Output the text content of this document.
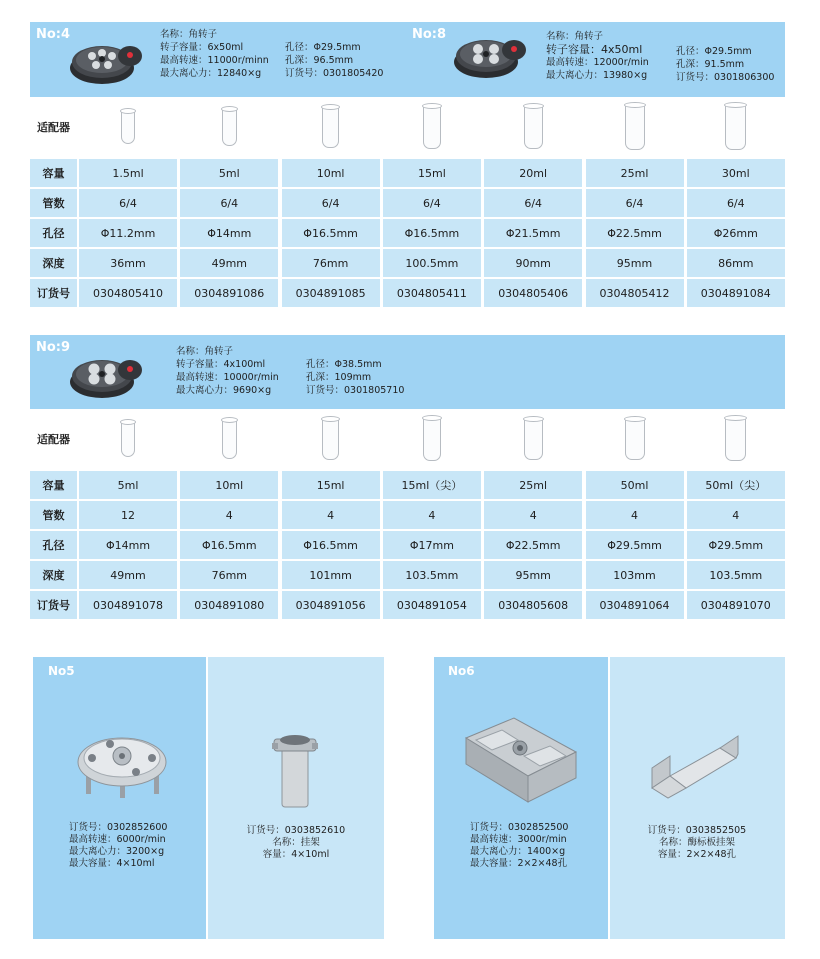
No:4	名称：角转子
转子容量：6x50ml	孔径：Φ29.5mm
最高转速：11000r/minn 孔深：96.5mm
最大离心力：12840×g	订货号：0301805420
No:8	名称：角转子
转子容量：4x50ml
最高转速：12000r/min
最大离心力：13980×g
孔径：Φ29.5mm
孔深：91.5mm
订货号：0301806300
适配器
容量	1.5ml	5ml	10ml	15ml	20ml	25ml	30ml
管数	6/4	6/4	6/4	6/4	6/4	6/4	6/4
孔径	Φ11.2mm	Φ14mm	Φ16.5mm	Φ16.5mm	Φ21.5mm	Φ22.5mm	Φ26mm
深度	36mm	49mm	76mm	100.5mm	90mm	95mm	86mm
订货号	0304805410	0304891086	0304891085	0304805411	0304805406	0304805412	0304891084
No:9	名称：角转子
转子容量：4x100ml
最高转速：10000r/min
最大离心力：9690×g

孔径：Φ38.5mm
孔深：109mm
订货号：0301805710
适配器
容量	5ml	10ml	15ml	15ml（尖）	25ml	50ml	50ml（尖）
管数	12	4	4	4	4	4	4
孔径	Φ14mm	Φ16.5mm	Φ16.5mm	Φ17mm	Φ22.5mm	Φ29.5mm	Φ29.5mm
深度	49mm	76mm	101mm	103.5mm	95mm	103mm	103.5mm
订货号	0304891078	0304891080	0304891056	0304891054	0304805608	0304891064	0304891070
No5
订货号：0302852600
最高转速：6000r/min
最大离心力：3200×g
最大容量：4×10ml
订货号：0303852610
名称：挂架
容量：4×10ml
No6
订货号：0302852500
最高转速：3000r/min
最大离心力：1400×g
最大容量：2×2×48孔
订货号：0303852505
名称：酶标板挂架
容量：2×2×48孔
